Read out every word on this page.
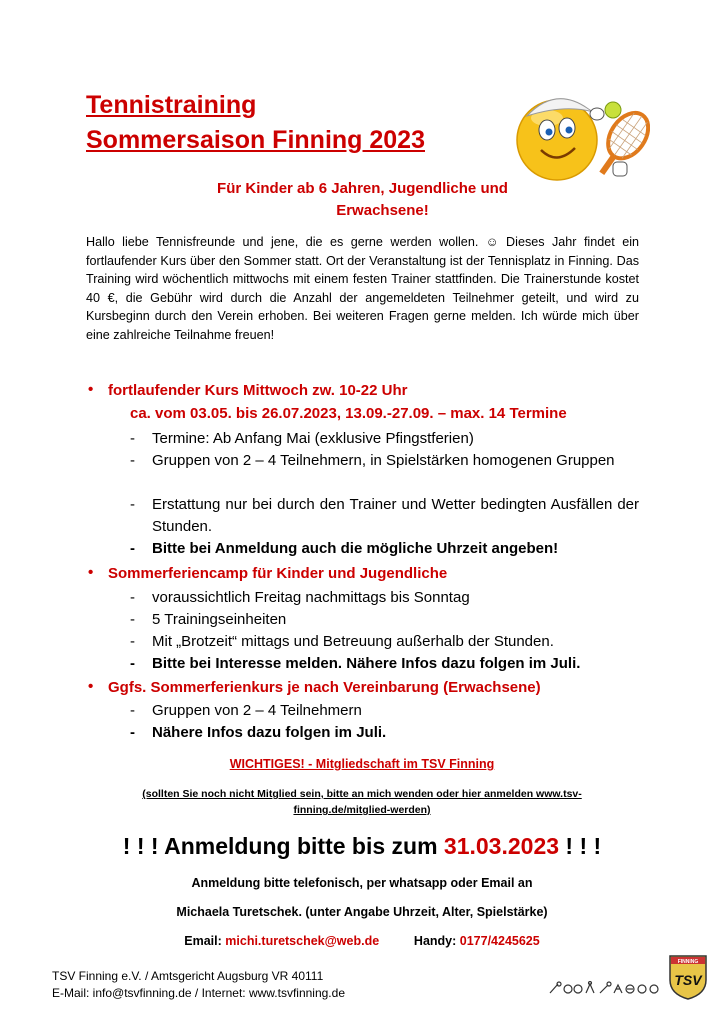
Tennistraining
Sommersaison Finning 2023
Für Kinder ab 6 Jahren, Jugendliche und
Erwachsene!
Hallo liebe Tennisfreunde und jene, die es gerne werden wollen. ☺ Dieses Jahr findet ein fortlaufender Kurs über den Sommer statt. Ort der Veranstaltung ist der Tennisplatz in Finning. Das Training wird wöchentlich mittwochs mit einem festen Trainer stattfinden. Die Trainerstunde kostet 40 €, die Gebühr wird durch die Anzahl der angemeldeten Teilnehmer geteilt, und wird zu Kursbeginn durch den Verein erhoben. Bei weiteren Fragen gerne melden. Ich würde mich über eine zahlreiche Teilnahme freuen!
• fortlaufender Kurs Mittwoch zw. 10-22 Uhr
ca. vom 03.05. bis 26.07.2023, 13.09.-27.09. – max. 14 Termine
- Termine: Ab Anfang Mai (exklusive Pfingstferien)
- Gruppen von 2 – 4 Teilnehmern, in Spielstärken homogenen Gruppen
- Erstattung nur bei durch den Trainer und Wetter bedingten Ausfällen der Stunden.
- Bitte bei Anmeldung auch die mögliche Uhrzeit angeben!
• Sommerferiencamp für Kinder und Jugendliche
- voraussichtlich Freitag nachmittags bis Sonntag
- 5 Trainingseinheiten
- Mit „Brotzeit“ mittags und Betreuung außerhalb der Stunden.
- Bitte bei Interesse melden. Nähere Infos dazu folgen im Juli.
• Ggfs. Sommerferienkurs je nach Vereinbarung (Erwachsene)
- Gruppen von 2 – 4 Teilnehmern
- Nähere Infos dazu folgen im Juli.
WICHTIGES! - Mitgliedschaft im TSV Finning
(sollten Sie noch nicht Mitglied sein, bitte an mich wenden oder hier anmelden www.tsv-
finning.de/mitglied-werden)
! ! ! Anmeldung bitte bis zum 31.03.2023 ! ! !
Anmeldung bitte telefonisch, per whatsapp oder Email an
Michaela Turetschek. (unter Angabe Uhrzeit, Alter, Spielstärke)
Email: michi.turetschek@web.de	Handy: 0177/4245625
TSV Finning e.V. / Amtsgericht Augsburg VR 40111
E-Mail: info@tsvfinning.de / Internet: www.tsvfinning.de
FINNING
TSV
